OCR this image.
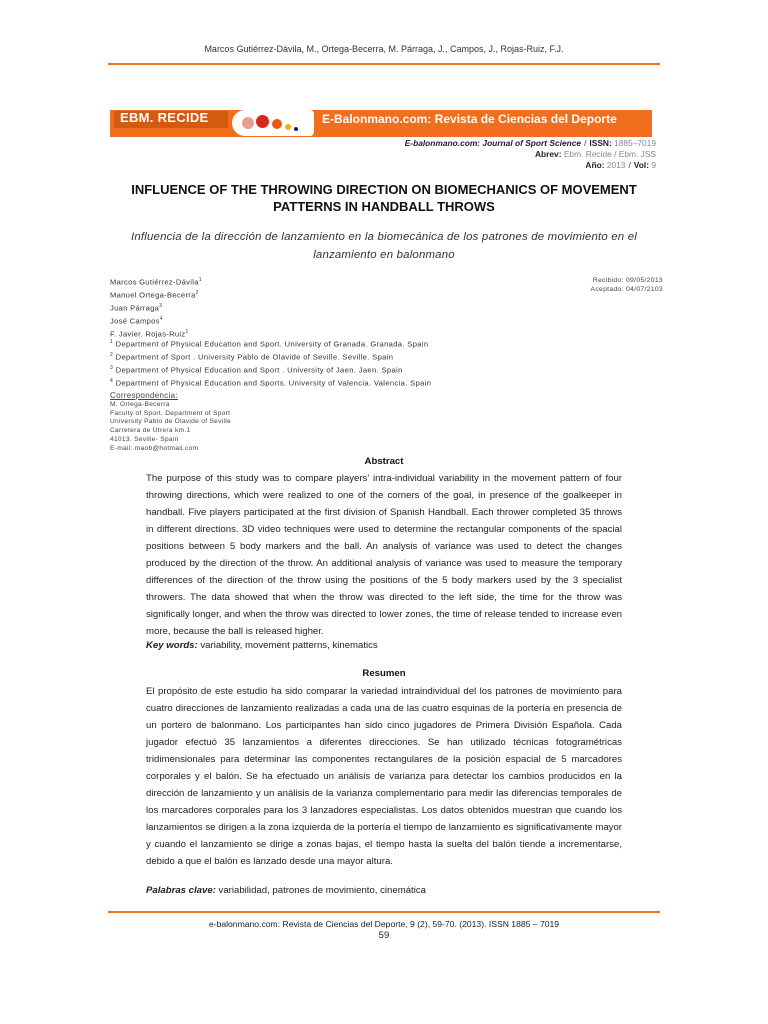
Marcos Gutiérrez-Dávila, M., Ortega-Becerra, M. Párraga, J., Campos, J., Rojas-Ruiz, F.J.
EBM. RECIDE	E-Balonmano.com: Revista de Ciencias del Deporte
E-balonmano.com: Journal of Sport Science / ISSN: 1885–7019
Abrev: Ebm. Recide / Ebm. JSS
Año: 2013 / Vol: 9
INFLUENCE OF THE THROWING DIRECTION ON BIOMECHANICS OF MOVEMENT PATTERNS IN HANDBALL THROWS
Influencia de la dirección de lanzamiento en la biomecánica de los patrones de movimiento en el lanzamiento en balonmano
Marcos Gutiérrez-Dávila$^1$
Manuel Ortega-Becerra$^2$
Juan Párraga$^3$
José Campos$^4$
F. Javier. Rojas-Ruiz$^1$
Recibido: 09/05/2013
Aceptado: 04/07/2103
$^1$ Department of Physical Education and Sport. University of Granada. Granada. Spain
$^2$ Department of Sport . University Pablo de Olavide of Seville. Seville. Spain
$^3$ Department of Physical Education and Sport . University of Jaen. Jaen. Spain
$^4$ Department of Physical Education and Sports. University of Valencia. Valencia. Spain
Correspondencia:
M. Ortega-Becerra
Faculty of Sport. Department of Sport
University Pablo de Olavide of Seville
Carretera de Utrera km.1
41013. Seville- Spain
E-mail: maob@hotmail.com
Abstract
The purpose of this study was to compare players' intra-individual variability in the movement pattern of four throwing directions, which were realized to one of the corners of the goal, in presence of the goalkeeper in handball. Five players participated at the first division of Spanish Handball. Each thrower completed 35 throws in different directions. 3D video techniques were used to determine the rectangular components of the spacial positions between 5 body markers and the ball. An analysis of variance was used to detect the changes produced by the direction of the throw. An additional analysis of variance was used to measure the temporary differences of the direction of the throw using the positions of the 5 body markers used by the 3 specialist throwers. The data showed that when the throw was directed to the left side, the time for the throw was significally longer, and when the throw was directed to lower zones, the time of release tended to increase even more, because the ball is released higher.
Key words: variability, movement patterns, kinematics
Resumen
El propósito de este estudio ha sido comparar la variedad intraindividual del los patrones de movimiento para cuatro direcciones de lanzamiento realizadas a cada una de las cuatro esquinas de la portería en presencia de un portero de balonmano. Los participantes han sido cinco jugadores de Primera División Española. Cada jugador efectuó 35 lanzamientos a diferentes direcciones. Se han utilizado técnicas fotogramétricas tridimensionales para determinar las componentes rectangulares de la posición espacial de 5 marcadores corporales y el balón. Se ha efectuado un análisis de varianza para detectar los cambios producidos en la dirección de lanzamiento y un análisis de la varianza complementario para medir las diferencias temporales de los marcadores corporales para los 3 lanzadores especialistas. Los datos obtenidos muestran que cuando los lanzamientos se dirigen a la zona izquierda de la portería el tiempo de lanzamiento es significativamente mayor y cuando el lanzamiento se dirige a zonas bajas, el tiempo hasta la suelta del balón tiende a incrementarse, debido a que el balón es lanzado desde una mayor altura.
Palabras clave: variabilidad, patrones de movimiento, cinemática
e-balonmano.com: Revista de Ciencias del Deporte, 9 (2), 59-70. (2013). ISSN 1885 – 7019
59
